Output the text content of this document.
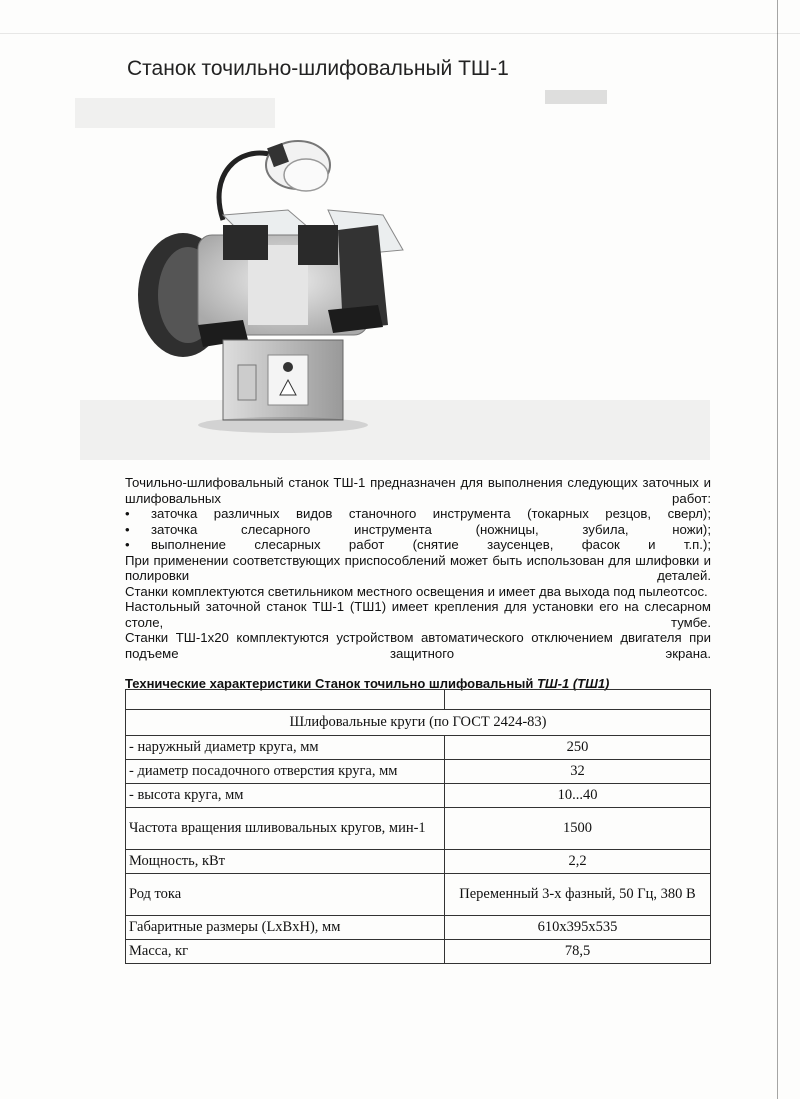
Станок точильно-шлифовальный ТШ-1
Точильно-шлифовальный станок ТШ-1 предназначен для выполнения следующих заточных и
шлифовальных работ:
•	заточка различных видов станочного инструмента (токарных резцов, сверл);
•	заточка слесарного инструмента (ножницы, зубила, ножи);
•	выполнение слесарных работ (снятие заусенцев, фасок и т.п.);
При применении соответствующих приспособлений может быть использован для шлифовки и
полировки деталей.
Станки комплектуются светильником местного освещения и имеет два выхода под пылеотсос.
Настольный заточной станок ТШ-1 (ТШ1) имеет крепления для установки его на слесарном
столе, тумбе.
Станки ТШ-1х20 комплектуются устройством автоматического отключением двигателя при
подъеме защитного экрана.

Технические характеристики Станок точильно шлифовальный ТШ-1 (ТШ1)

Шлифовальные круги (по ГОСТ 2424-83)	
- наружный диаметр круга, мм	250
- диаметр посадочного отверстия круга, мм	32
- высота круга, мм	10...40
Частота вращения шливовальных кругов, мин-1	1500
Мощность, кВт	2,2
Род тока	Переменный 3-х фазный, 50 Гц, 380 В
Габаритные размеры (LxBxH), мм	610x395x535
Масса, кг	78,5
